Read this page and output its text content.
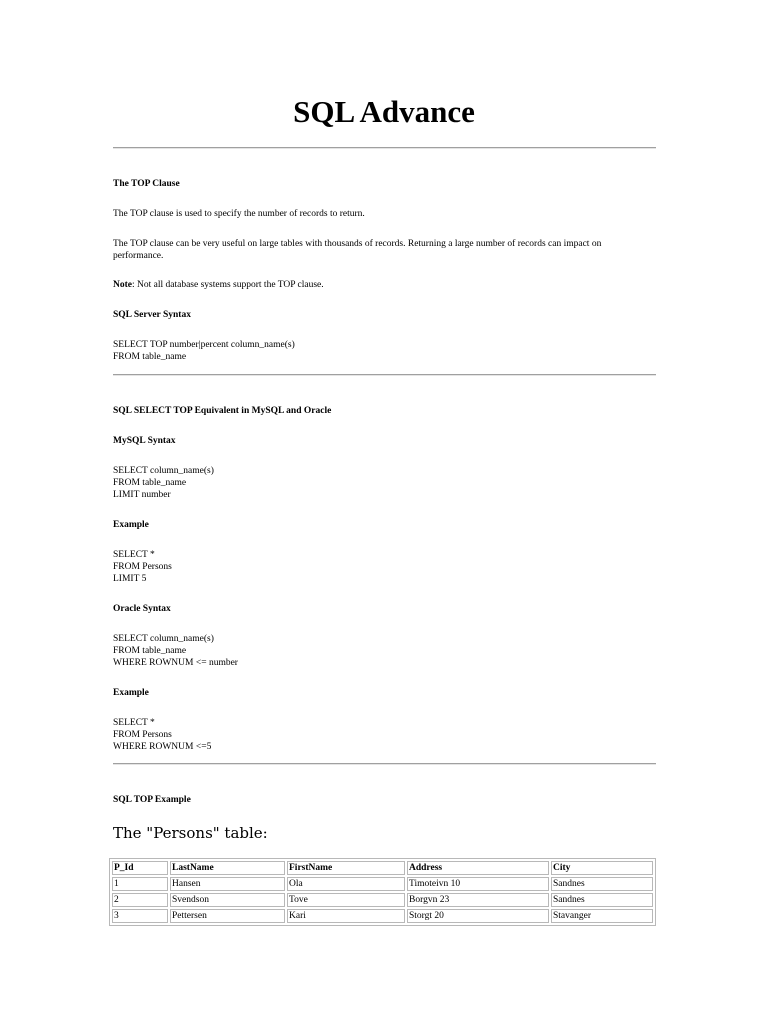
SQL Advance
The TOP Clause
The TOP clause is used to specify the number of records to return.
The TOP clause can be very useful on large tables with thousands of records. Returning a large number of records can impact on performance.
Note: Not all database systems support the TOP clause.
SQL Server Syntax
SELECT TOP number|percent column_name(s)
FROM table_name
SQL SELECT TOP Equivalent in MySQL and Oracle
MySQL Syntax
SELECT column_name(s)
FROM table_name
LIMIT number
Example
SELECT *
FROM Persons
LIMIT 5
Oracle Syntax
SELECT column_name(s)
FROM table_name
WHERE ROWNUM <= number
Example
SELECT *
FROM Persons
WHERE ROWNUM <=5
SQL TOP Example
The "Persons" table:
P_Id	LastName	FirstName	Address	City
1	Hansen	Ola	Timoteivn 10	Sandnes
2	Svendson	Tove	Borgvn 23	Sandnes
3	Pettersen	Kari	Storgt 20	Stavanger
